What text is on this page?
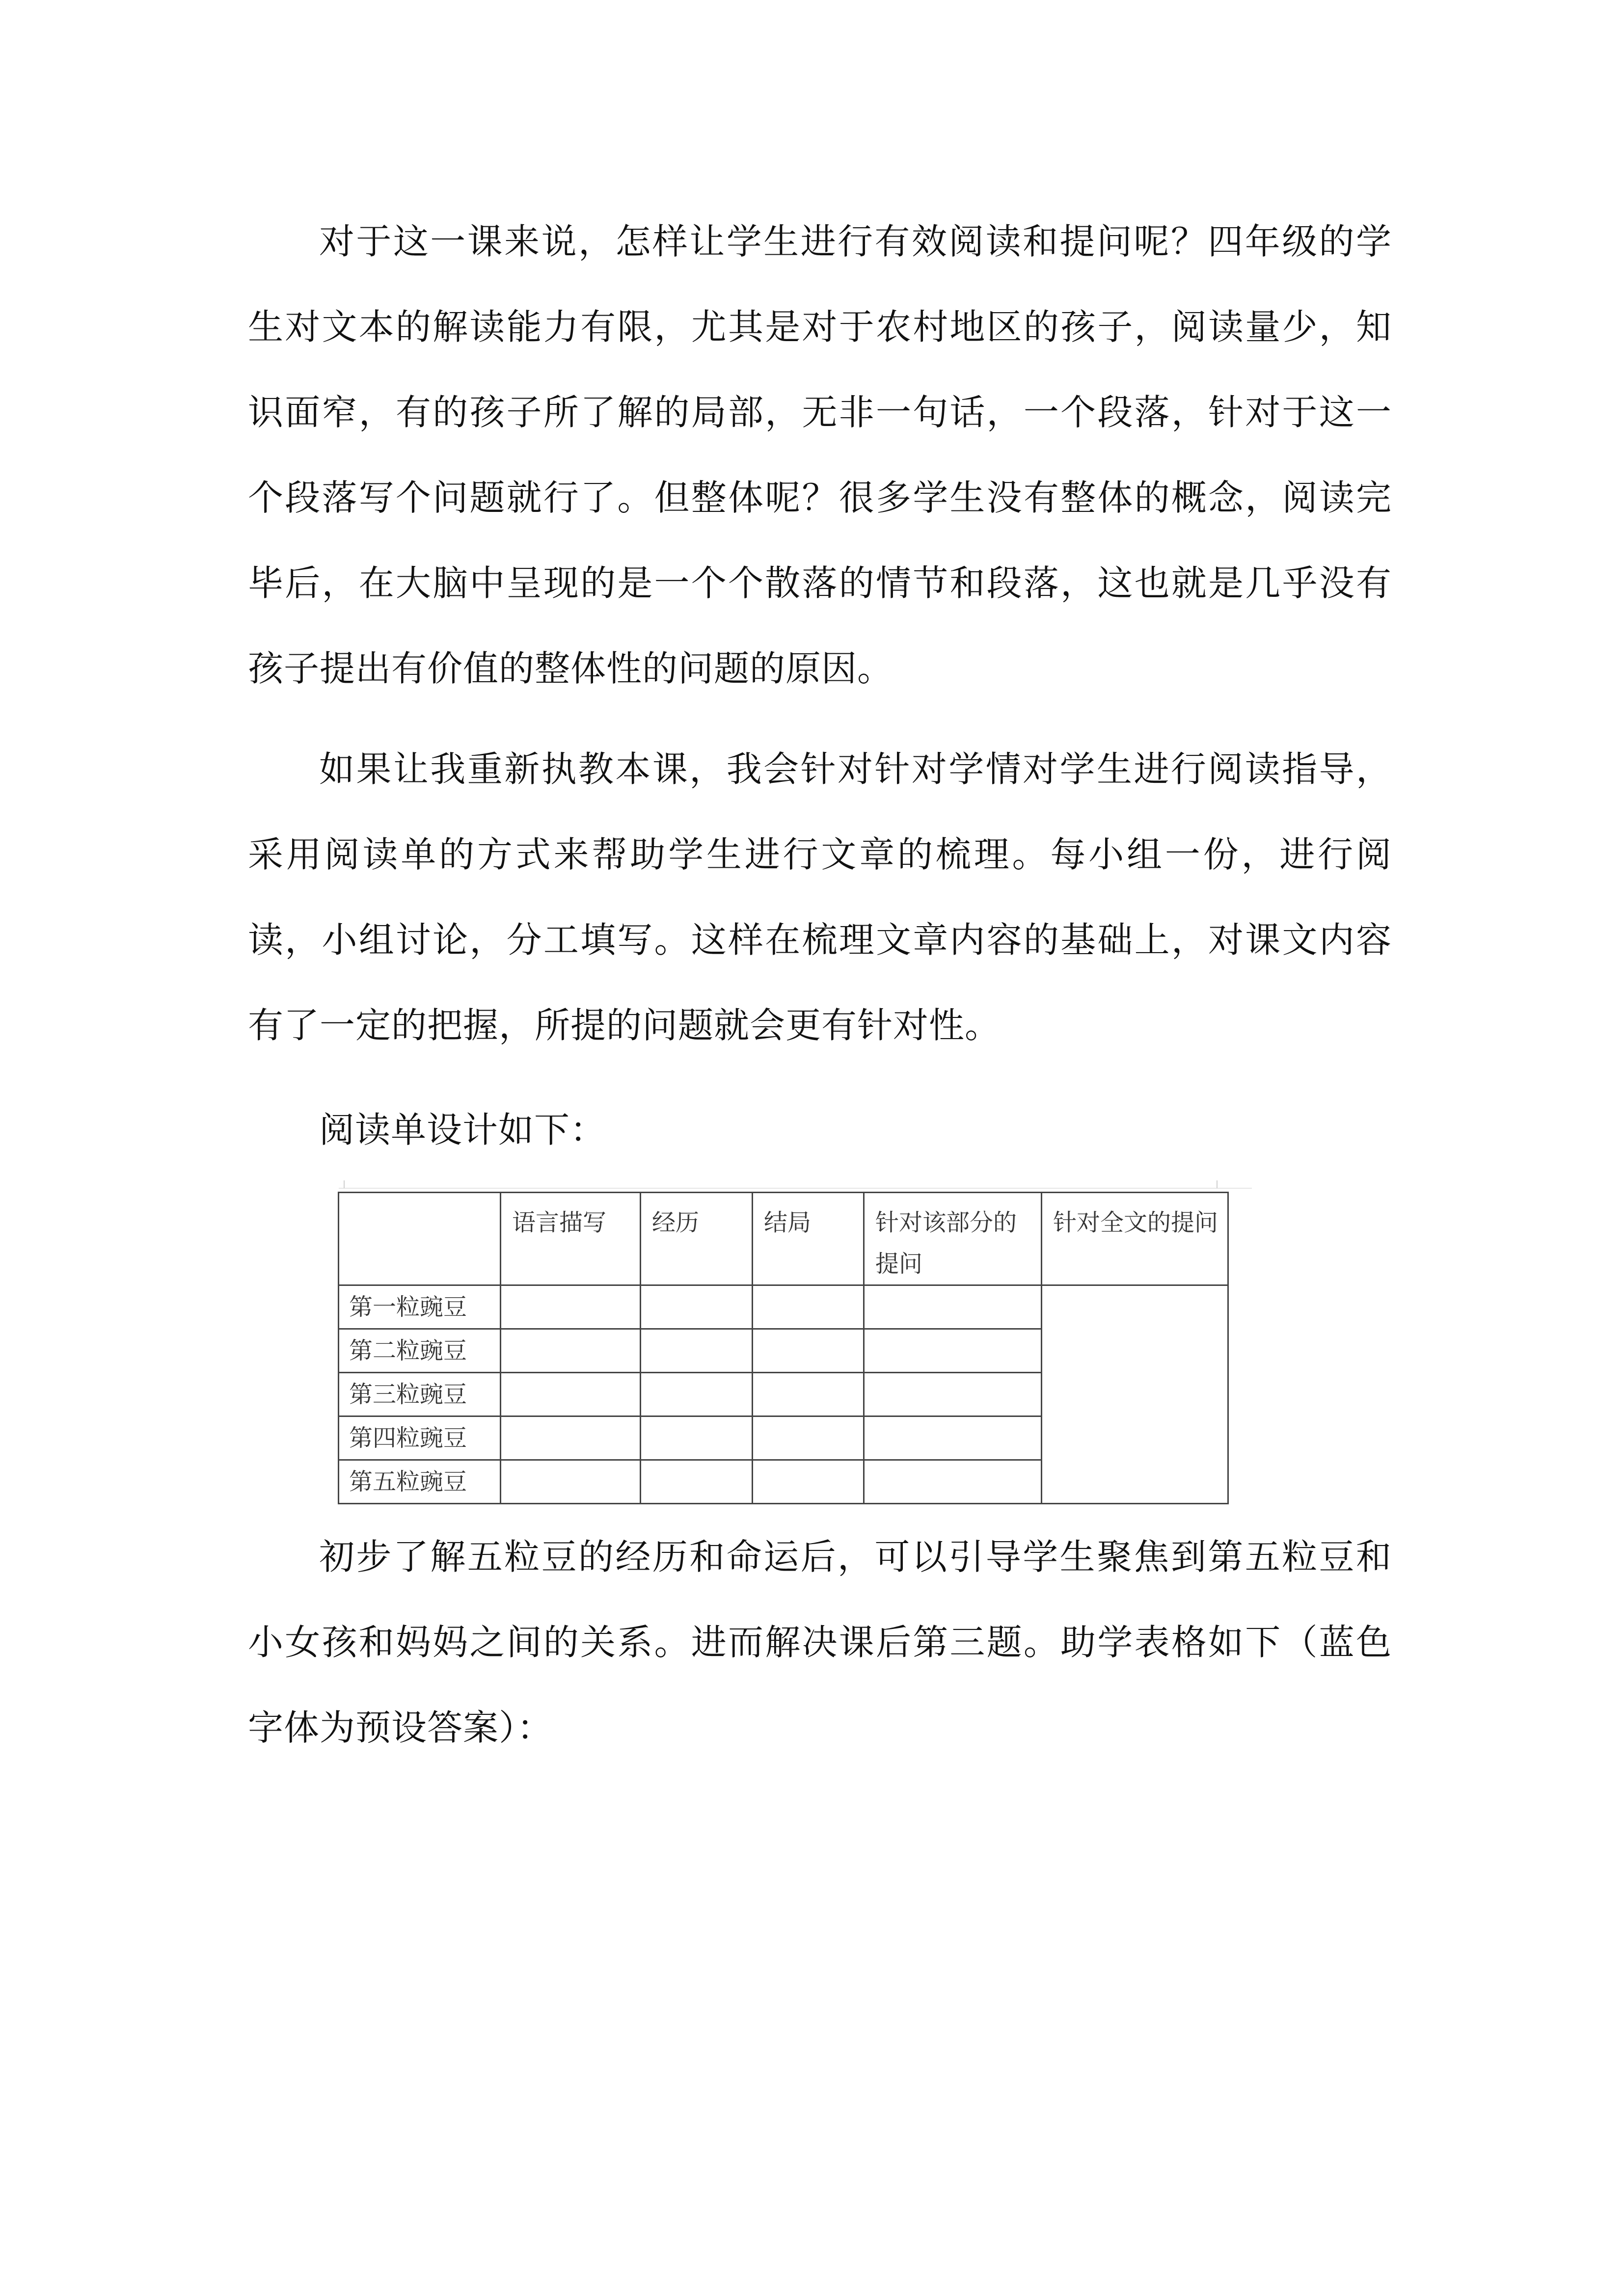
对于这一课来说，怎样让学生进行有效阅读和提问呢？四年级的学生对文本的解读能力有限，尤其是对于农村地区的孩子，阅读量少，知识面窄，有的孩子所了解的局部，无非一句话，一个段落，针对于这一个段落写个问题就行了。但整体呢？很多学生没有整体的概念，阅读完毕后，在大脑中呈现的是一个个散落的情节和段落，这也就是几乎没有孩子提出有价值的整体性的问题的原因。

如果让我重新执教本课，我会针对针对学情对学生进行阅读指导，采用阅读单的方式来帮助学生进行文章的梳理。每小组一份，进行阅读，小组讨论，分工填写。这样在梳理文章内容的基础上，对课文内容有了一定的把握，所提的问题就会更有针对性。

阅读单设计如下：

	语言描写	经历	结局	针对该部分的提问	针对全文的提问
第一粒豌豆					
第二粒豌豆					
第三粒豌豆					
第四粒豌豆					
第五粒豌豆					

初步了解五粒豆的经历和命运后，可以引导学生聚焦到第五粒豆和小女孩和妈妈之间的关系。进而解决课后第三题。助学表格如下（蓝色字体为预设答案）：
